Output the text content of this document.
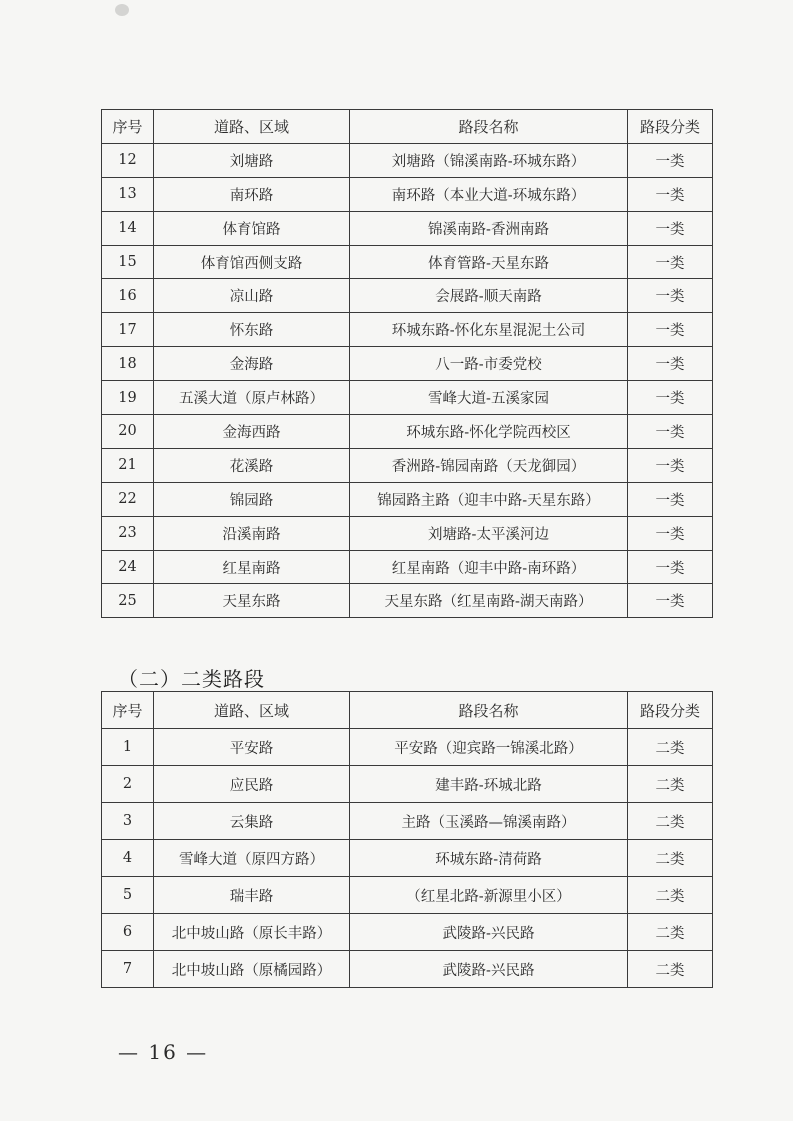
序号	道路、区域	路段名称	路段分类
12	刘塘路	刘塘路（锦溪南路-环城东路）	一类
13	南环路	南环路（本业大道-环城东路）	一类
14	体育馆路	锦溪南路-香洲南路	一类
15	体育馆西侧支路	体育管路-天星东路	一类
16	凉山路	会展路-顺天南路	一类
17	怀东路	环城东路-怀化东星混泥土公司	一类
18	金海路	八一路-市委党校	一类
19	五溪大道（原卢林路）	雪峰大道-五溪家园	一类
20	金海西路	环城东路-怀化学院西校区	一类
21	花溪路	香洲路-锦园南路（天龙御园）	一类
22	锦园路	锦园路主路（迎丰中路-天星东路）	一类
23	沿溪南路	刘塘路-太平溪河边	一类
24	红星南路	红星南路（迎丰中路-南环路）	一类
25	天星东路	天星东路（红星南路-湖天南路）	一类
（二）二类路段
序号	道路、区域	路段名称	路段分类
1	平安路	平安路（迎宾路一锦溪北路）	二类
2	应民路	建丰路-环城北路	二类
3	云集路	主路（玉溪路—锦溪南路）	二类
4	雪峰大道（原四方路）	环城东路-清荷路	二类
5	瑞丰路	（红星北路-新源里小区）	二类
6	北中坡山路（原长丰路）	武陵路-兴民路	二类
7	北中坡山路（原橘园路）	武陵路-兴民路	二类
— 16 —
